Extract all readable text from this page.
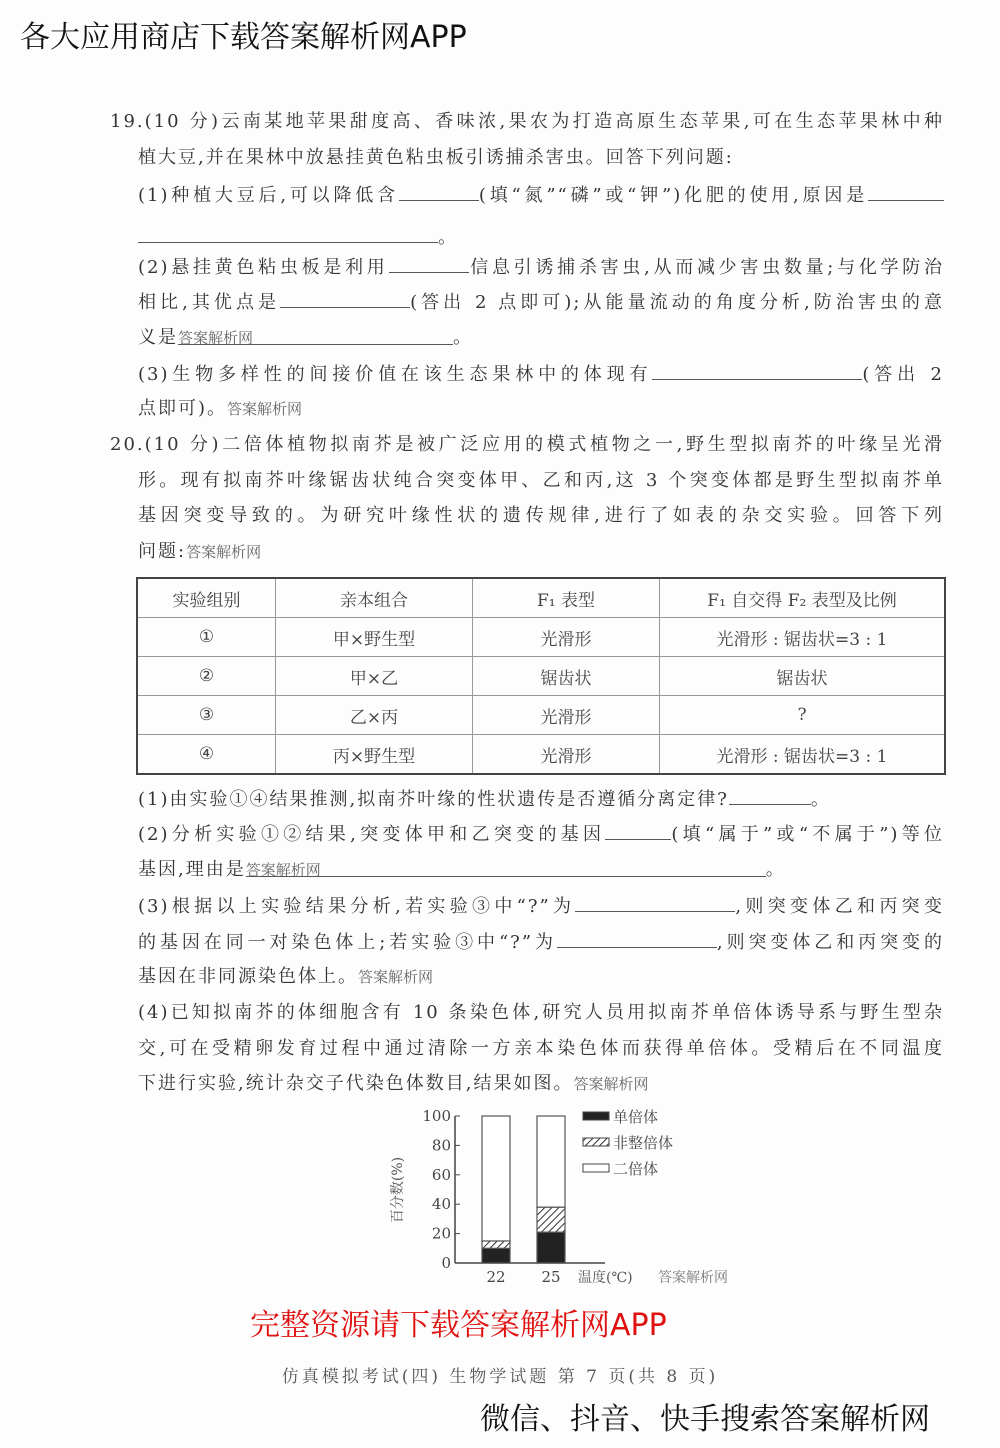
19.(10 分)云南某地苹果甜度高、香味浓,果农为打造高原生态苹果,可在生态苹果林中种
植大豆,并在果林中放悬挂黄色粘虫板引诱捕杀害虫。回答下列问题:
(1)种植大豆后,可以降低含	(填“氮”“磷”或“钾”)化肥的使用,原因是
。
(2)悬挂黄色粘虫板是利用	信息引诱捕杀害虫,从而减少害虫数量;与化学防治
相比,其优点是	(答出 2 点即可);从能量流动的角度分析,防治害虫的意
义是答案解析网	。
(3)生物多样性的间接价值在该生态果林中的体现有	(答出 2
点即可)。答案解析网
20.(10 分)二倍体植物拟南芥是被广泛应用的模式植物之一,野生型拟南芥的叶缘呈光滑
形。现有拟南芥叶缘锯齿状纯合突变体甲、乙和丙,这 3 个突变体都是野生型拟南芥单
基因突变导致的。为研究叶缘性状的遗传规律,进行了如表的杂交实验。回答下列
问题:答案解析网
实验组别	亲本组合	F₁ 表型	F₁ 自交得 F₂ 表型及比例
①	甲×野生型	光滑形	光滑形 : 锯齿状=3 : 1
②	甲×乙	锯齿状	锯齿状
③	乙×丙	光滑形	?
④	丙×野生型	光滑形	光滑形 : 锯齿状=3 : 1
(1)由实验①④结果推测,拟南芥叶缘的性状遗传是否遵循分离定律?	。
(2)分析实验①②结果,突变体甲和乙突变的基因	(填“属于”或“不属于”)等位
基因,理由是答案解析网	。
(3)根据以上实验结果分析,若实验③中“?”为	,则突变体乙和丙突变
的基因在同一对染色体上;若实验③中“?”为	,则突变体乙和丙突变的
基因在非同源染色体上。答案解析网
(4)已知拟南芥的体细胞含有 10 条染色体,研究人员用拟南芥单倍体诱导系与野生型杂
交,可在受精卵发育过程中通过清除一方亲本染色体而获得单倍体。受精后在不同温度
下进行实验,统计杂交子代染色体数目,结果如图。答案解析网
0
20
40
60
80
100
22 25 温度(℃) 答案解析网
百分数(%)
单倍体
非整倍体
二倍体
仿真模拟考试(四) 生物学试题 第 7 页(共 8 页)
各大应用商店下载答案解析网APP
完整资源请下载答案解析网APP
微信、抖音、快手搜索答案解析网
